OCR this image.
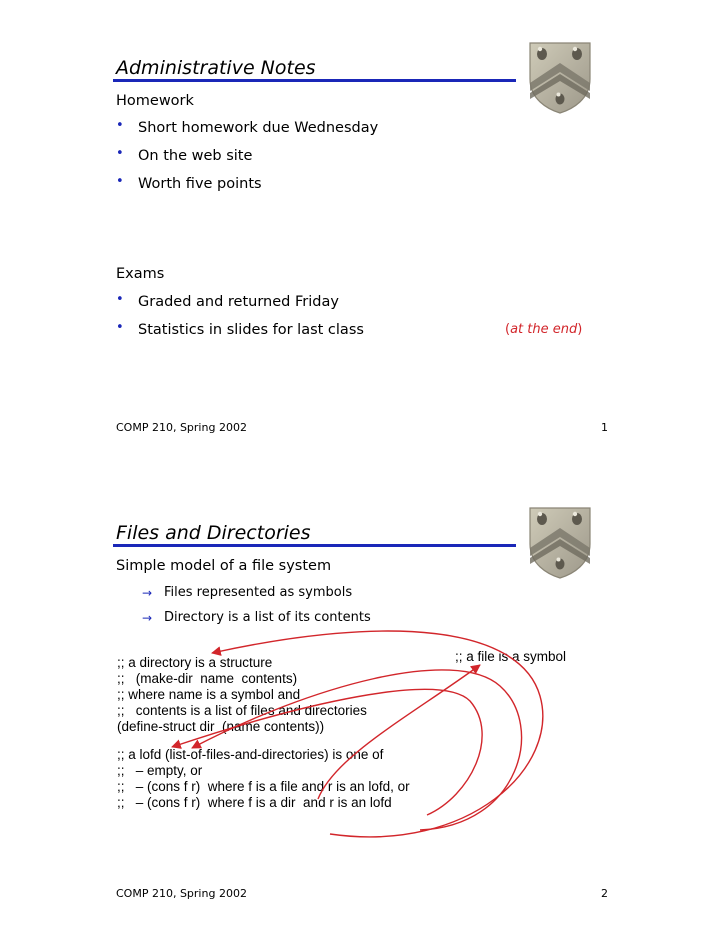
Administrative Notes
Homework
• Short homework due Wednesday
• On the web site
• Worth five points
Exams
• Graded and returned Friday
• Statistics in slides for last class	(at the end)
COMP 210, Spring 2002	1
Files and Directories
Simple model of a file system
→ Files represented as symbols
→ Directory is a list of its contents
;; a file is a symbol
;; a directory is a structure
;;   (make-dir  name  contents)
;; where name is a symbol and
;;   contents is a list of files and directories
(define-struct dir  (name contents))
;; a lofd (list-of-files-and-directories) is one of
;;   – empty, or
;;   – (cons f r)  where f is a file and r is an lofd, or
;;   – (cons f r)  where f is a dir  and r is an lofd
COMP 210, Spring 2002	2
